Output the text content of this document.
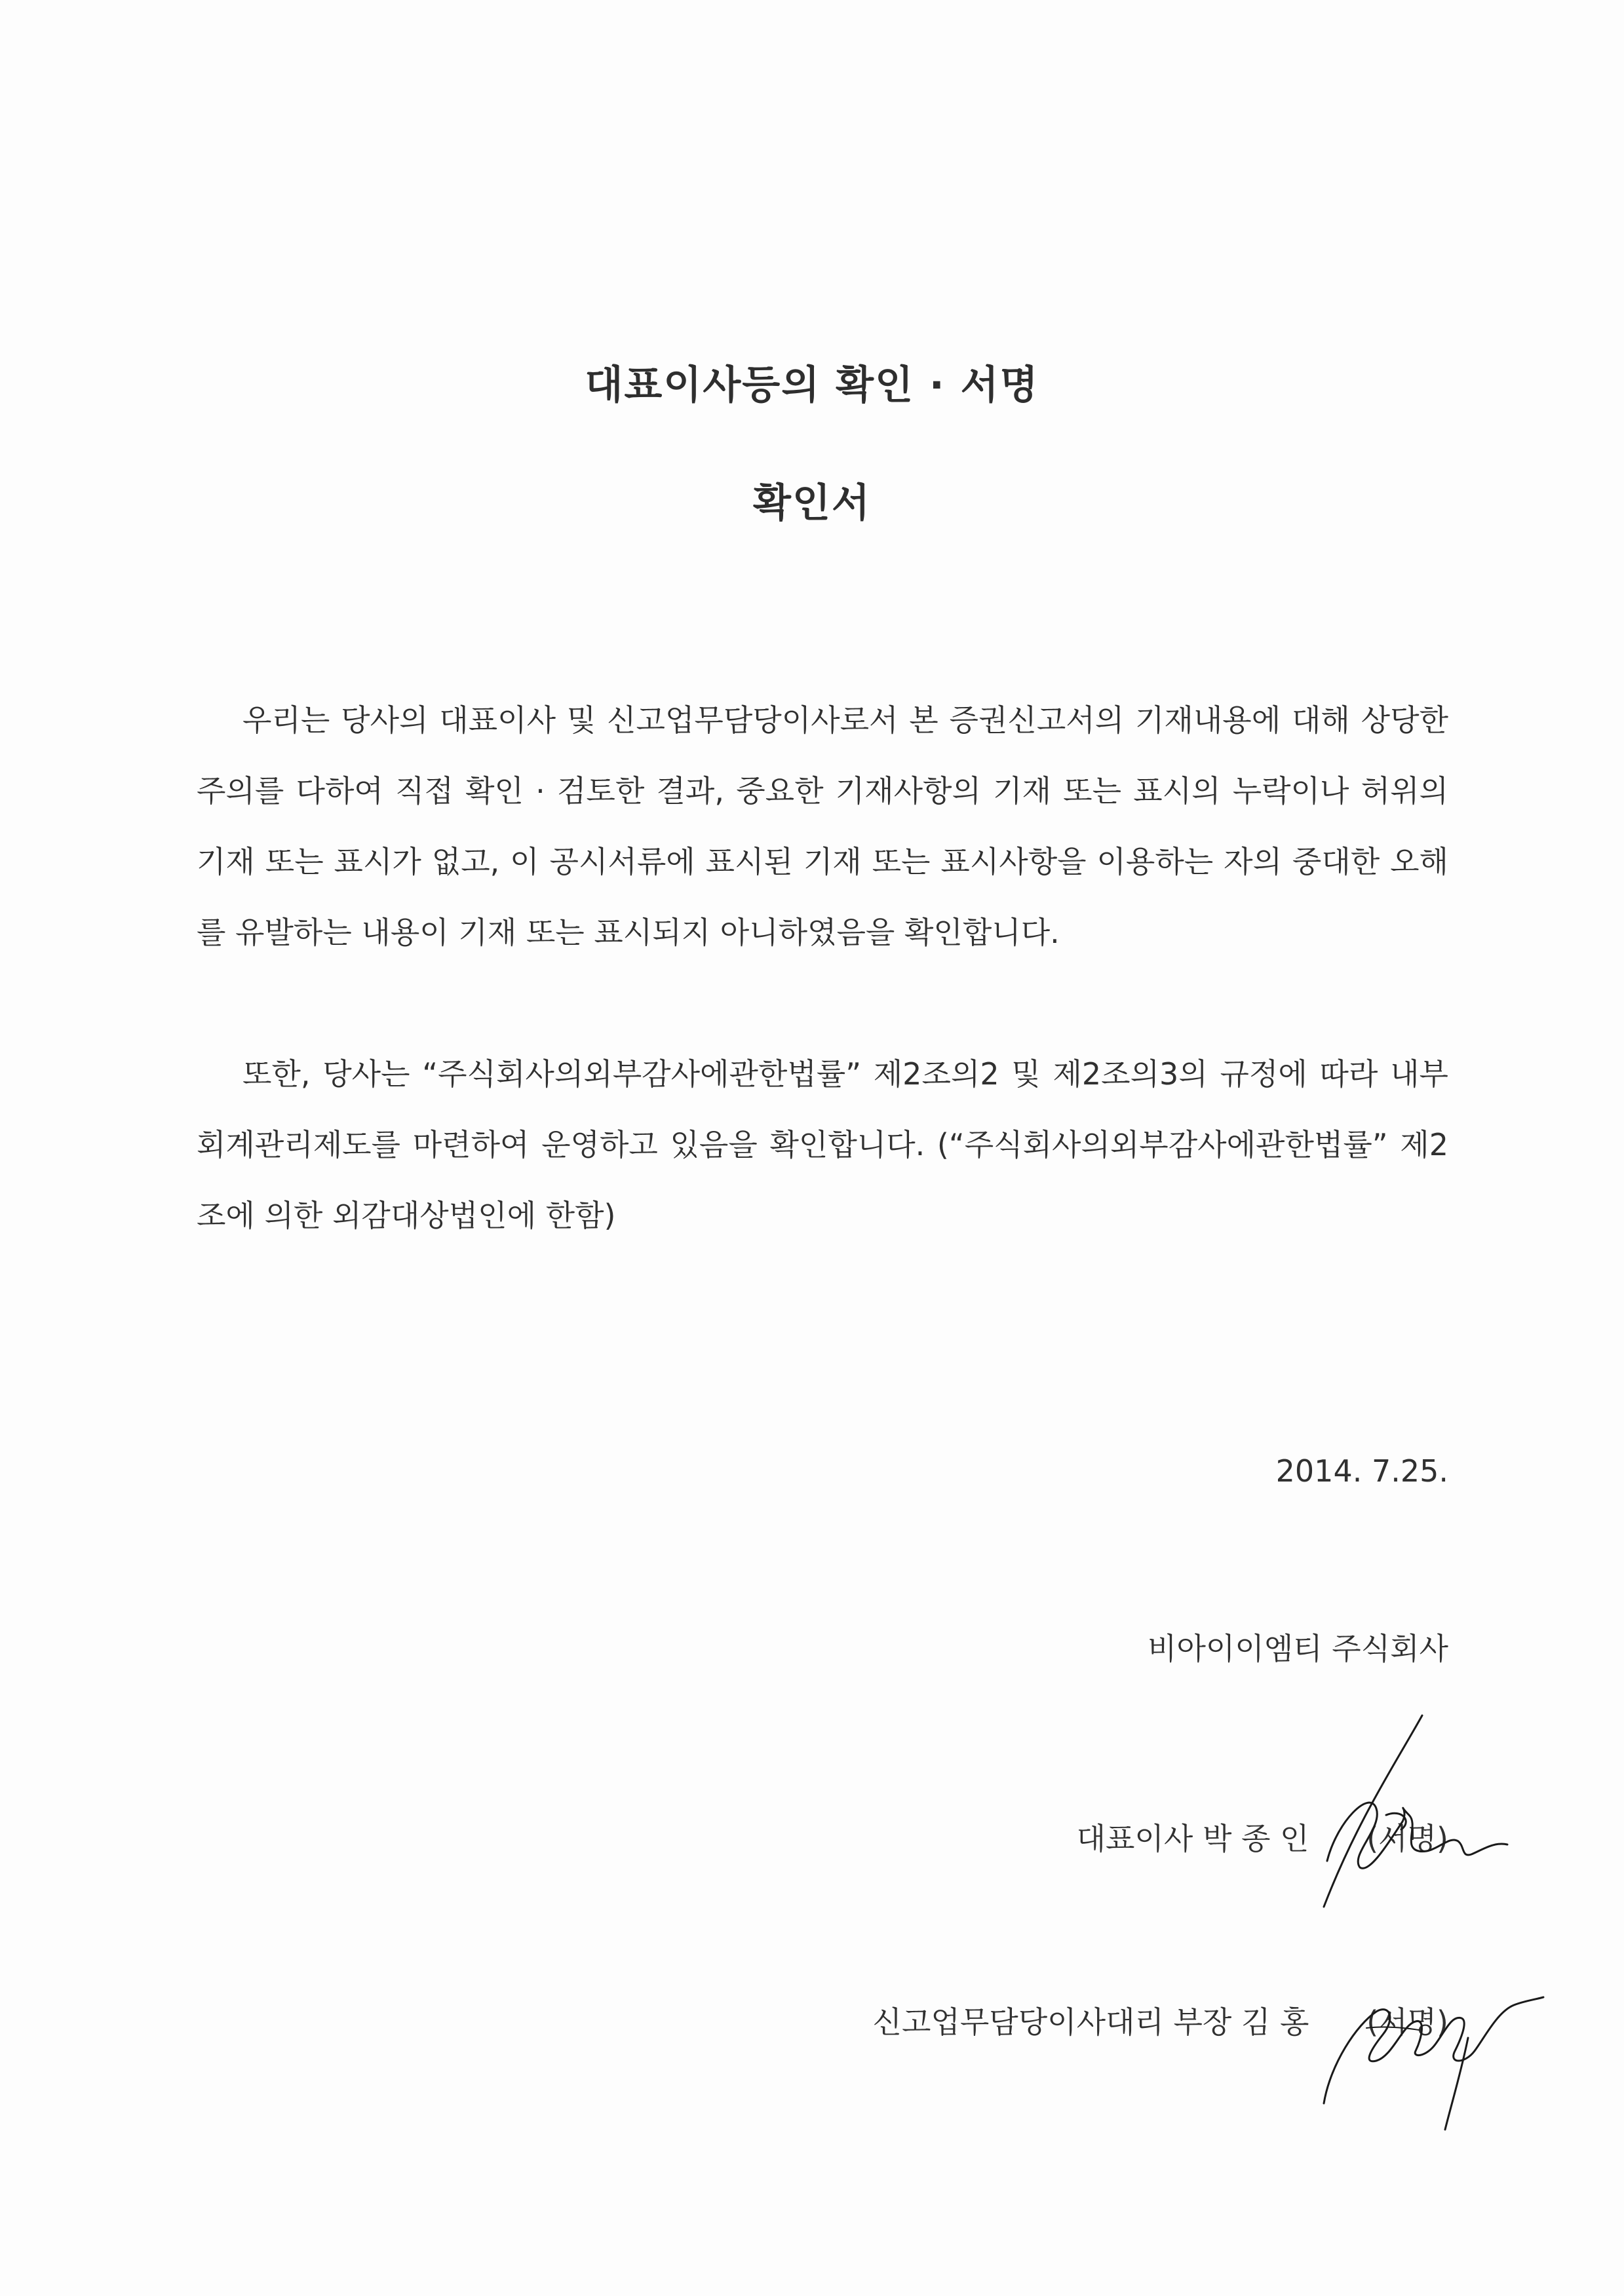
대표이사등의 확인 · 서명
확인서

우리는 당사의 대표이사 및 신고업무담당이사로서 본 증권신고서의 기재내용에 대해 상당한 주의를 다하여 직접 확인 · 검토한 결과, 중요한 기재사항의 기재 또는 표시의 누락이나 허위의 기재 또는 표시가 없고, 이 공시서류에 표시된 기재 또는 표시사항을 이용하는 자의 중대한 오해를 유발하는 내용이 기재 또는 표시되지 아니하였음을 확인합니다.

또한, 당사는 “주식회사의외부감사에관한법률” 제2조의2 및 제2조의3의 규정에 따라 내부회계관리제도를 마련하여 운영하고 있음을 확인합니다. (“주식회사의외부감사에관한법률” 제2조에 의한 외감대상법인에 한함)

2014. 7.25.
비아이이엠티 주식회사
대표이사 박 종 인 (서명)
신고업무담당이사대리 부장 김 홍 (서명)
